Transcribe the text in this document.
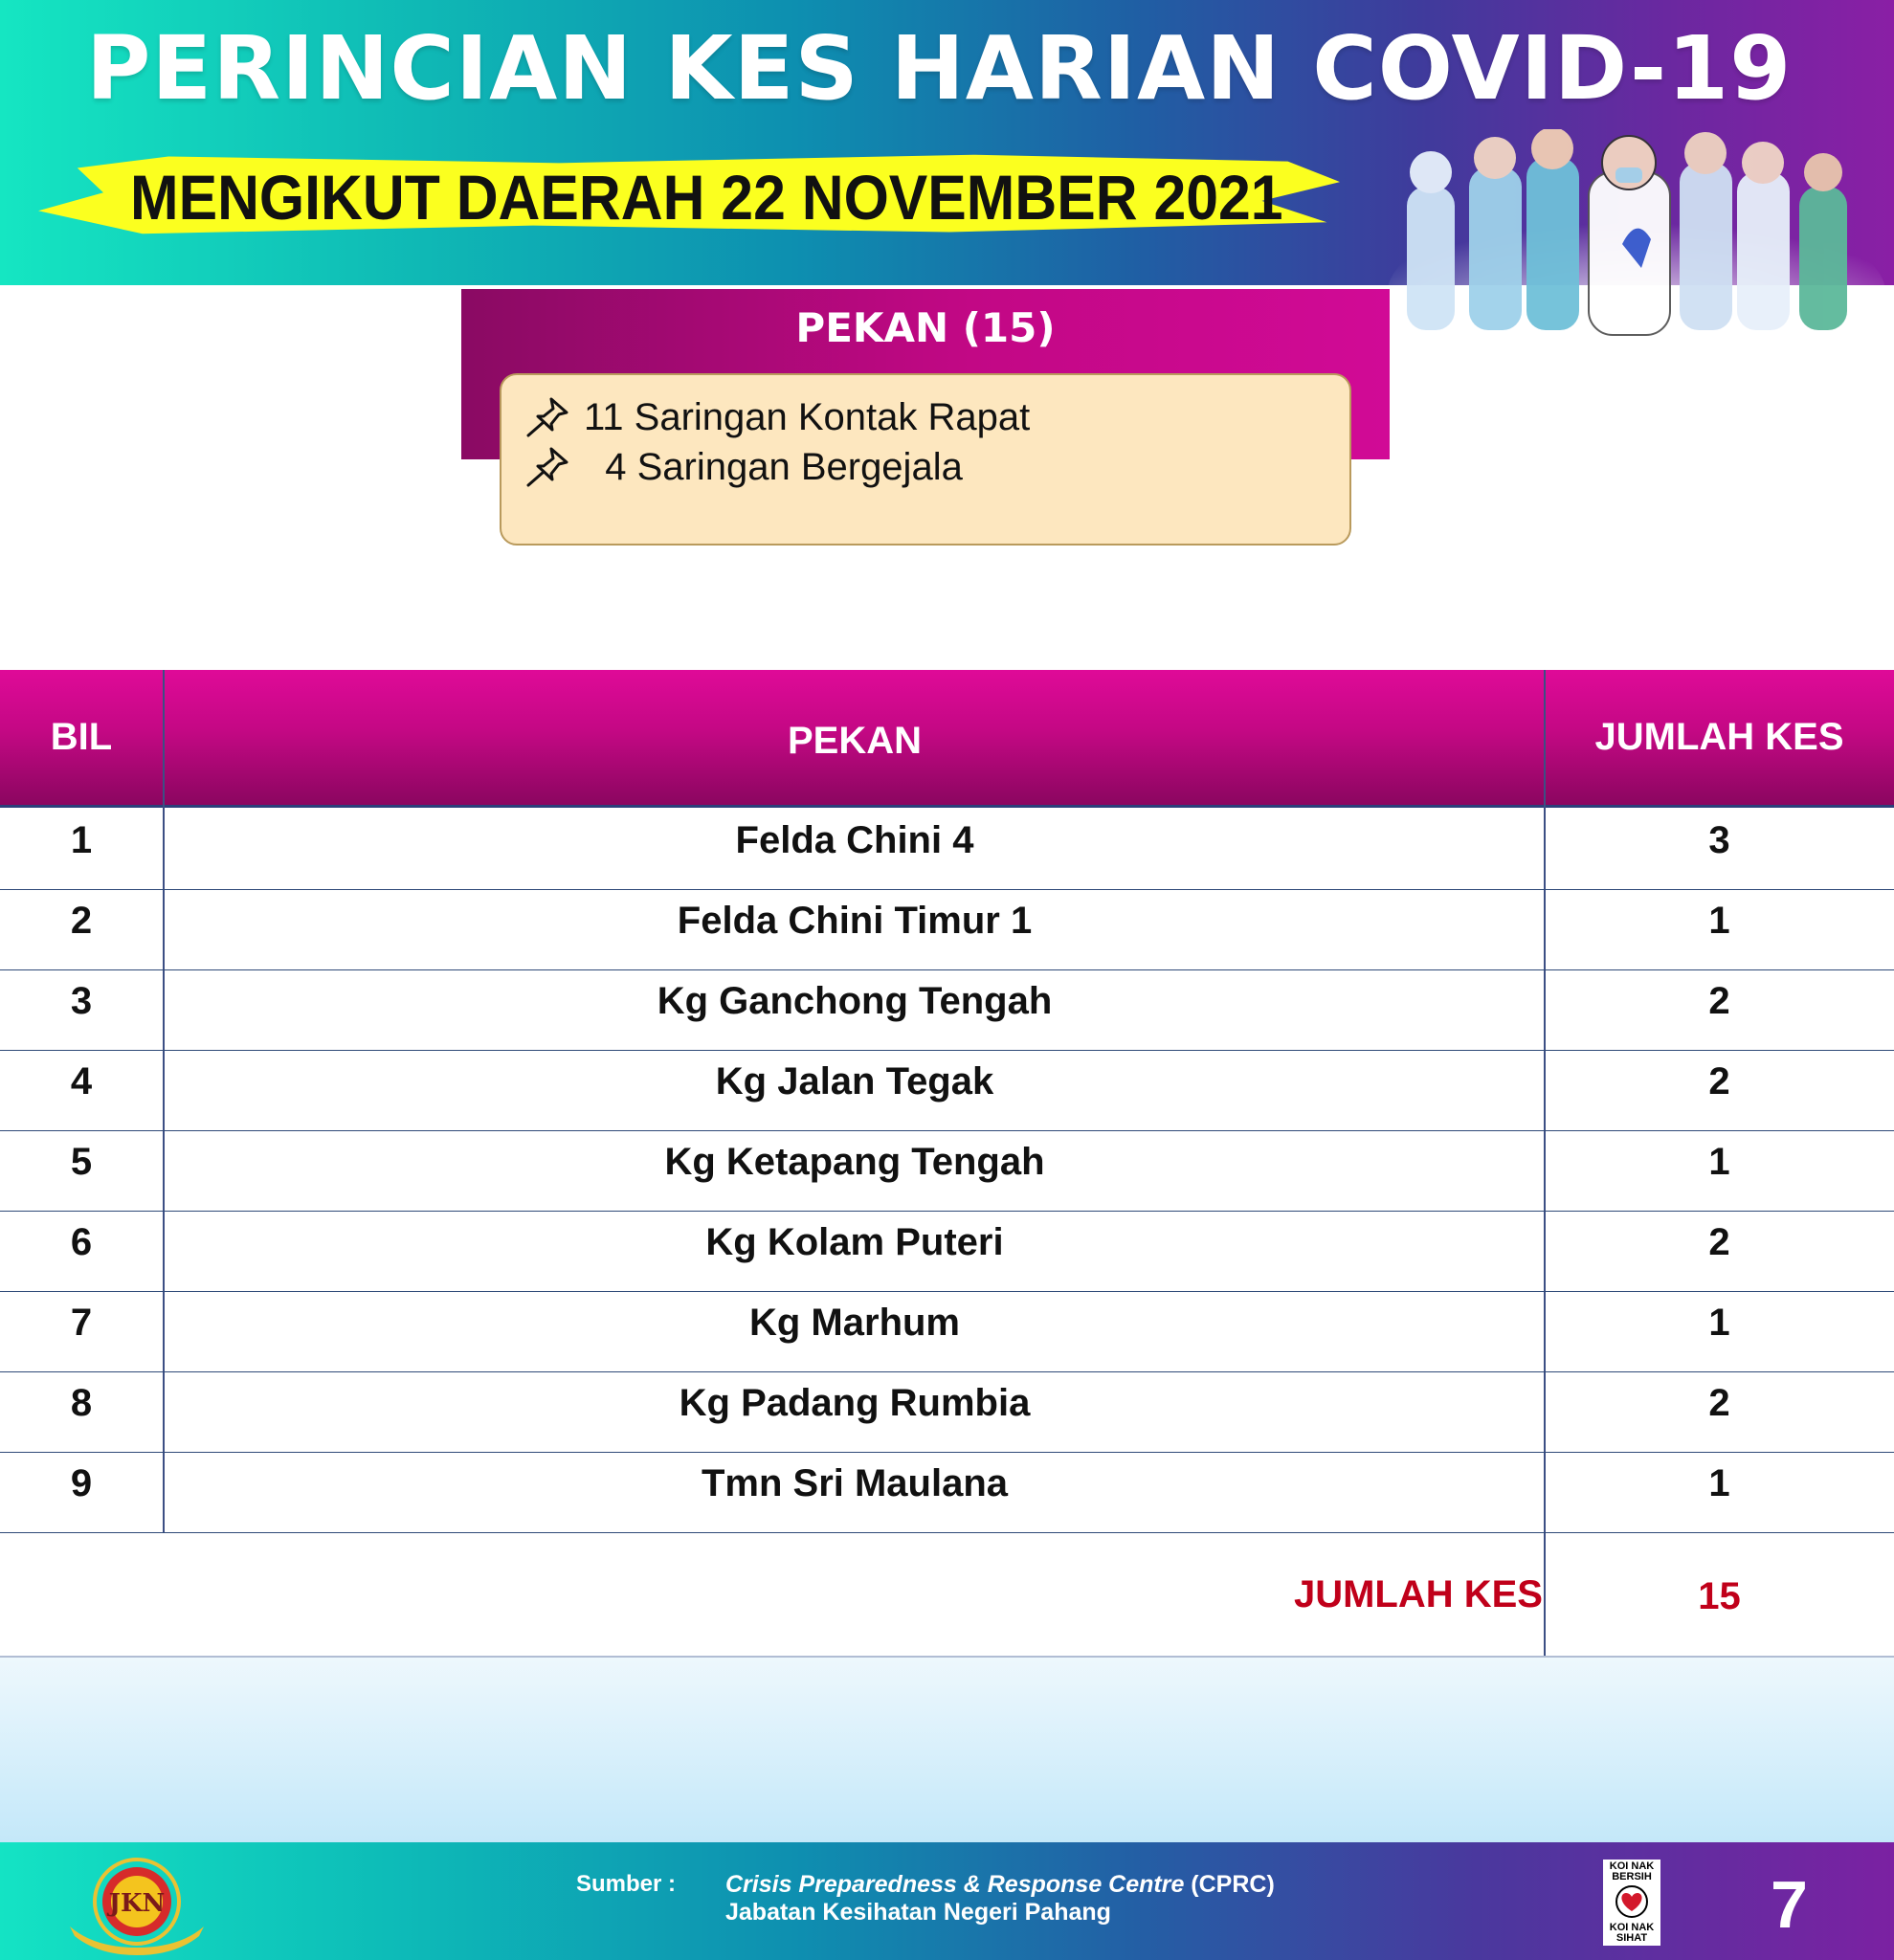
PERINCIAN KES HARIAN COVID-19
MENGIKUT DAERAH 22 NOVEMBER 2021
PEKAN (15)
11 Saringan Kontak Rapat
4 Saringan Bergejala
BIL	PEKAN	JUMLAH KES
1	Felda Chini 4	3
2	Felda Chini Timur 1	1
3	Kg Ganchong Tengah	2
4	Kg Jalan Tegak	2
5	Kg Ketapang Tengah	1
6	Kg Kolam Puteri	2
7	Kg Marhum	1
8	Kg Padang Rumbia	2
9	Tmn Sri Maulana	1
JUMLAH KES	15
JKN
Sumber : Crisis Preparedness & Response Centre (CPRC)
Jabatan Kesihatan Negeri Pahang
KOI NAK
BERSIH
KOI NAK
SIHAT 7
